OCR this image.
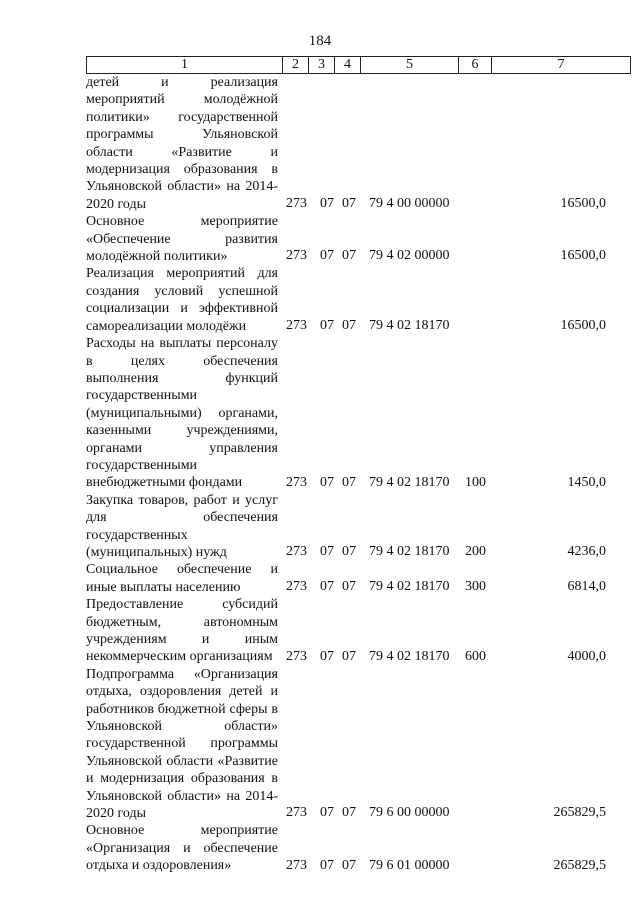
184
1	2	3	4	5	6	7
детей и реализация мероприятий молодёжной политики» государственной программы Ульяновской области «Развитие и модернизация образования в Ульяновской области» на 2014-2020 годы	273 07 07 79 4 00 00000	16500,0
Основное мероприятие «Обеспечение развития молодёжной политики»	273 07 07 79 4 02 00000	16500,0
Реализация мероприятий для создания условий успешной социализации и эффективной самореализации молодёжи	273 07 07 79 4 02 18170	16500,0
Расходы на выплаты персоналу в целях обеспечения выполнения функций государственными (муниципальными) органами, казенными учреждениями, органами управления государственными внебюджетными фондами	273 07 07 79 4 02 18170 100	1450,0
Закупка товаров, работ и услуг для обеспечения государственных (муниципальных) нужд	273 07 07 79 4 02 18170 200	4236,0
Социальное обеспечение и иные выплаты населению	273 07 07 79 4 02 18170 300	6814,0
Предоставление субсидий бюджетным, автономным учреждениям и иным некоммерческим организациям 273 07 07 79 4 02 18170 600	4000,0
Подпрограмма «Организация отдыха, оздоровления детей и работников бюджетной сферы в Ульяновской области» государственной программы Ульяновской области «Развитие и модернизация образования в Ульяновской области» на 2014-2020 годы	273 07 07 79 6 00 00000	265829,5
Основное мероприятие «Организация и обеспечение отдыха и оздоровления»	273 07 07 79 6 01 00000	265829,5
